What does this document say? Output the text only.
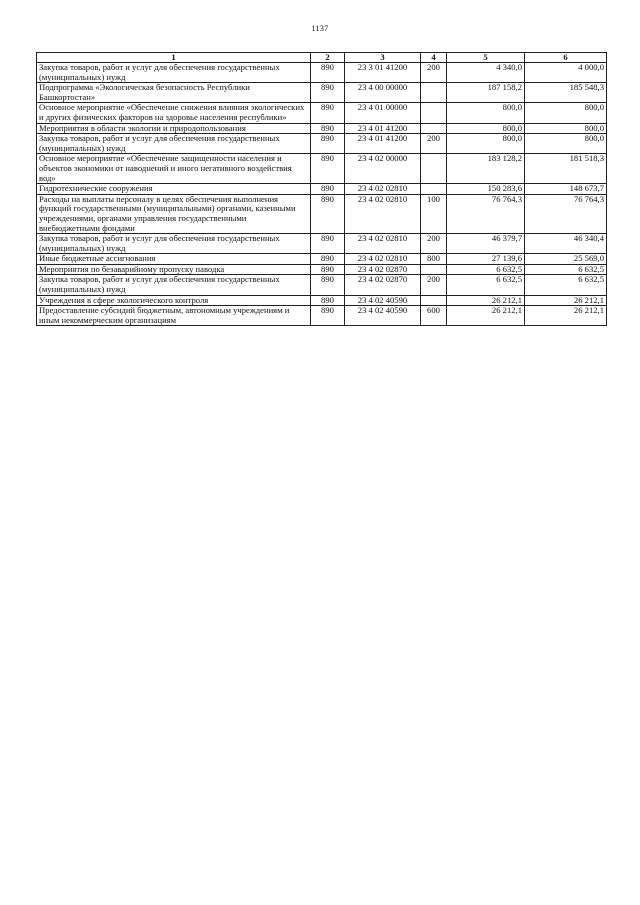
1137
1	2	3	4	5	6
Закупка товаров, работ и услуг для обеспечения государственных (муниципальных) нужд	890	23 3 01 41200	200	4 340,0	4 000,0
Подпрограмма «Экологическая безопасность Республики Башкортостан»	890	23 4 00 00000		187 158,2	185 548,3
Основное мероприятие «Обеспечение снижения влияния экологических и других физических факторов на здоровье населения республики»	890	23 4 01 00000		800,0	800,0
Мероприятия в области экологии и природопользования	890	23 4 01 41200		800,0	800,0
Закупка товаров, работ и услуг для обеспечения государственных (муниципальных) нужд	890	23 4 01 41200	200	800,0	800,0
Основное мероприятие «Обеспечение защищенности населения и объектов экономики от наводнений и иного негативного воздействия вод»	890	23 4 02 00000		183 128,2	181 518,3
Гидротехнические сооружения	890	23 4 02 02810		150 283,6	148 673,7
Расходы на выплаты персоналу в целях обеспечения выполнения функций государственными (муниципальными) органами, казенными учреждениями, органами управления государственными внебюджетными фондами	890	23 4 02 02810	100	76 764,3	76 764,3
Закупка товаров, работ и услуг для обеспечения государственных (муниципальных) нужд	890	23 4 02 02810	200	46 379,7	46 340,4
Иные бюджетные ассигнования	890	23 4 02 02810	800	27 139,6	25 569,0
Мероприятия по безаварийному пропуску паводка	890	23 4 02 02870		6 632,5	6 632,5
Закупка товаров, работ и услуг для обеспечения государственных (муниципальных) нужд	890	23 4 02 02870	200	6 632,5	6 632,5
Учреждения в сфере экологического контроля	890	23 4 02 40590		26 212,1	26 212,1
Предоставление субсидий бюджетным, автономным учреждениям и иным некоммерческим организациям	890	23 4 02 40590	600	26 212,1	26 212,1
